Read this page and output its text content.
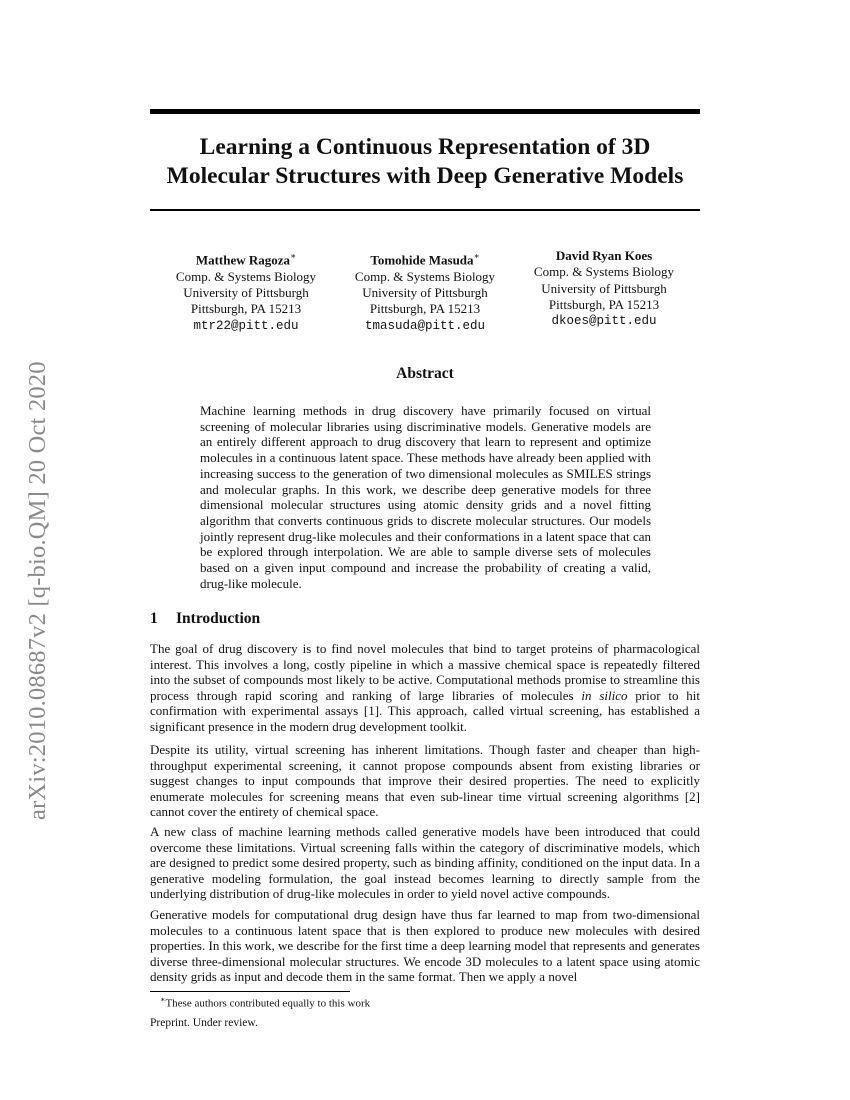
arXiv:2010.08687v2 [q-bio.QM] 20 Oct 2020
Learning a Continuous Representation of 3D Molecular Structures with Deep Generative Models
Matthew Ragoza∗
Comp. & Systems Biology
University of Pittsburgh
Pittsburgh, PA 15213
mtr22@pitt.edu
Tomohide Masuda∗
Comp. & Systems Biology
University of Pittsburgh
Pittsburgh, PA 15213
tmasuda@pitt.edu
David Ryan Koes
Comp. & Systems Biology
University of Pittsburgh
Pittsburgh, PA 15213
dkoes@pitt.edu
Abstract

Machine learning methods in drug discovery have primarily focused on virtual screening of molecular libraries using discriminative models. Generative models are an entirely different approach to drug discovery that learn to represent and optimize molecules in a continuous latent space. These methods have already been applied with increasing success to the generation of two dimensional molecules as SMILES strings and molecular graphs. In this work, we describe deep generative models for three dimensional molecular structures using atomic density grids and a novel fitting algorithm that converts continuous grids to discrete molecular structures. Our models jointly represent drug-like molecules and their conformations in a latent space that can be explored through interpolation. We are able to sample diverse sets of molecules based on a given input compound and increase the probability of creating a valid, drug-like molecule.

1 Introduction

The goal of drug discovery is to find novel molecules that bind to target proteins of pharmacological interest. This involves a long, costly pipeline in which a massive chemical space is repeatedly filtered into the subset of compounds most likely to be active. Computational methods promise to streamline this process through rapid scoring and ranking of large libraries of molecules in silico prior to hit confirmation with experimental assays [1]. This approach, called virtual screening, has established a significant presence in the modern drug development toolkit.

Despite its utility, virtual screening has inherent limitations. Though faster and cheaper than high-throughput experimental screening, it cannot propose compounds absent from existing libraries or suggest changes to input compounds that improve their desired properties. The need to explicitly enumerate molecules for screening means that even sub-linear time virtual screening algorithms [2] cannot cover the entirety of chemical space.

A new class of machine learning methods called generative models have been introduced that could overcome these limitations. Virtual screening falls within the category of discriminative models, which are designed to predict some desired property, such as binding affinity, conditioned on the input data. In a generative modeling formulation, the goal instead becomes learning to directly sample from the underlying distribution of drug-like molecules in order to yield novel active compounds.

Generative models for computational drug design have thus far learned to map from two-dimensional molecules to a continuous latent space that is then explored to produce new molecules with desired properties. In this work, we describe for the first time a deep learning model that represents and generates diverse three-dimensional molecular structures. We encode 3D molecules to a latent space using atomic density grids as input and decode them in the same format. Then we apply a novel

∗These authors contributed equally to this work

Preprint. Under review.
